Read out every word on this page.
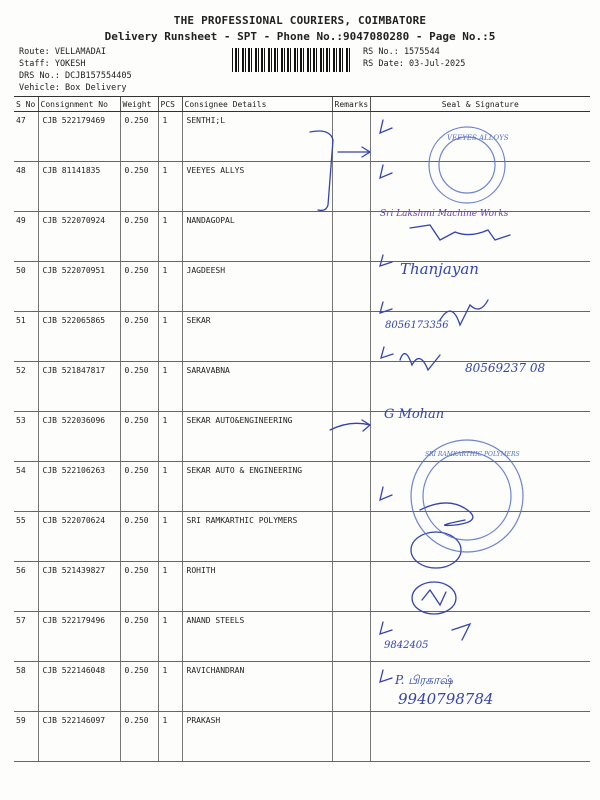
THE PROFESSIONAL COURIERS, COIMBATORE
Delivery Runsheet - SPT - Phone No.:9047080280 - Page No.:5
Route: VELLAMADAI
Staff: YOKESH
DRS No.: DCJB157554405
Vehicle: Box Delivery
RS No.: 1575544
RS Date: 03-Jul-2025
S No	Consignment No	Weight	PCS	Consignee Details	Remarks	Seal & Signature
47	CJB 522179469	0.250	1	SENTHI;L		
48	CJB 81141835	0.250	1	VEEYES ALLYS		
49	CJB 522070924	0.250	1	NANDAGOPAL		
50	CJB 522070951	0.250	1	JAGDEESH		
51	CJB 522065865	0.250	1	SEKAR		
52	CJB 521847817	0.250	1	SARAVABNA		
53	CJB 522036096	0.250	1	SEKAR AUTO&ENGINEERING		
54	CJB 522106263	0.250	1	SEKAR AUTO & ENGINEERING		
55	CJB 522070624	0.250	1	SRI RAMKARTHIC POLYMERS		
56	CJB 521439827	0.250	1	ROHITH		
57	CJB 522179496	0.250	1	ANAND STEELS		
58	CJB 522146048	0.250	1	RAVICHANDRAN		
59	CJB 522146097	0.250	1	PRAKASH		
VEEYES ALLOYS
SRI RAMKARTHIC POLYMERS
Sri Lakshmi Machine Works
Thanjayan
8056173356
80569237 08
G Mohan
9842405
P. பிரகாஷ்
9940798784
